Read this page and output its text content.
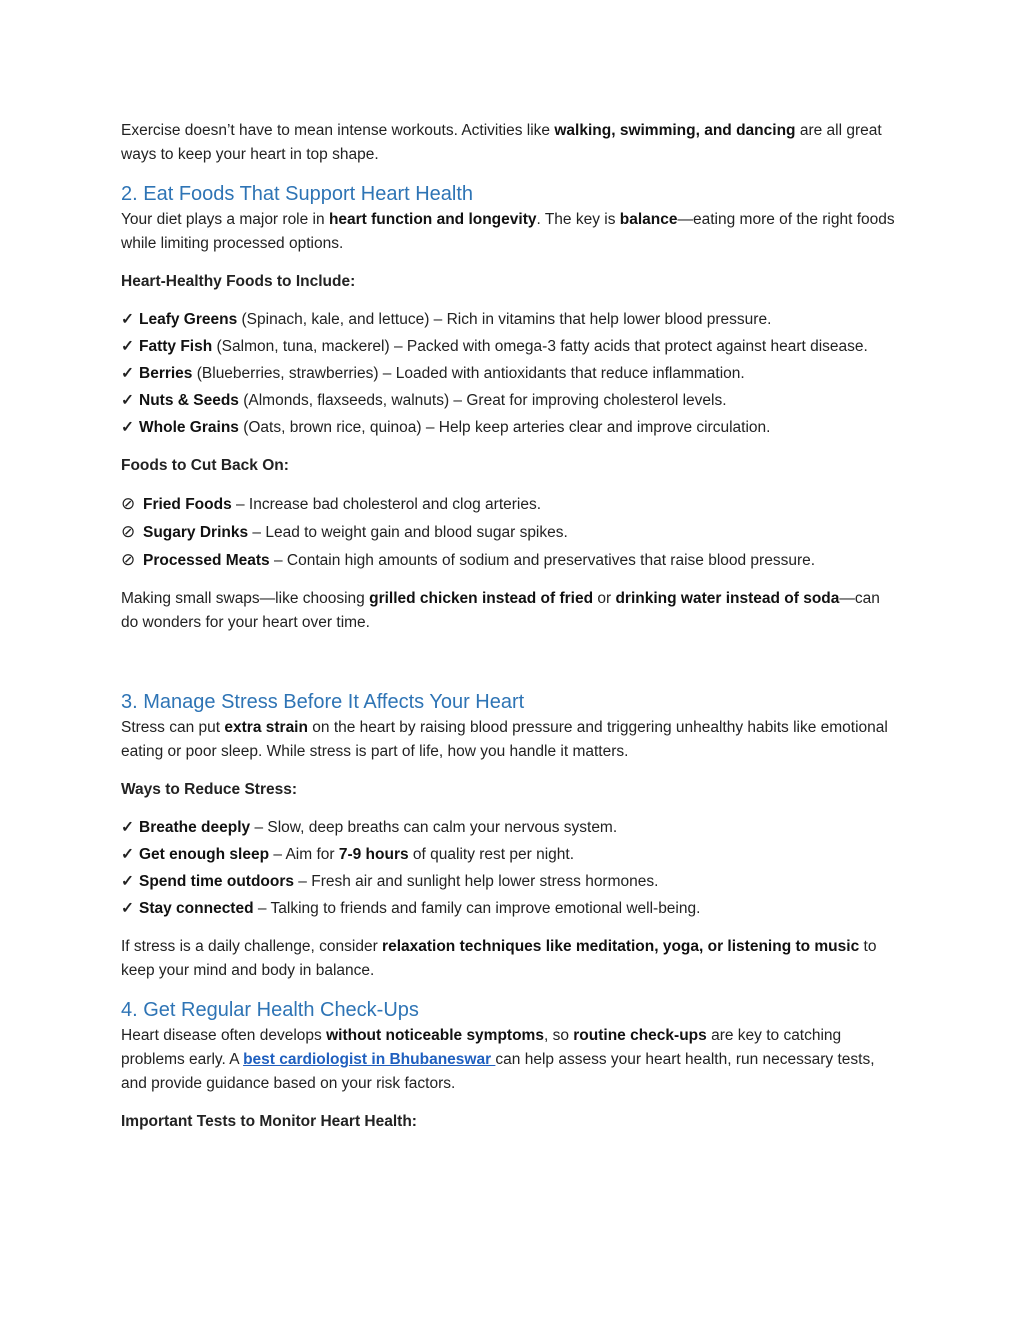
Exercise doesn’t have to mean intense workouts. Activities like walking, swimming, and dancing are all great ways to keep your heart in top shape.

2. Eat Foods That Support Heart Health

Your diet plays a major role in heart function and longevity. The key is balance—eating more of the right foods while limiting processed options.

Heart-Healthy Foods to Include:

✓ Leafy Greens (Spinach, kale, and lettuce) – Rich in vitamins that help lower blood pressure.
✓ Fatty Fish (Salmon, tuna, mackerel) – Packed with omega-3 fatty acids that protect against heart disease.
✓ Berries (Blueberries, strawberries) – Loaded with antioxidants that reduce inflammation.
✓ Nuts & Seeds (Almonds, flaxseeds, walnuts) – Great for improving cholesterol levels.
✓ Whole Grains (Oats, brown rice, quinoa) – Help keep arteries clear and improve circulation.

Foods to Cut Back On:

⊘ Fried Foods – Increase bad cholesterol and clog arteries.
⊘ Sugary Drinks – Lead to weight gain and blood sugar spikes.
⊘ Processed Meats – Contain high amounts of sodium and preservatives that raise blood pressure.

Making small swaps—like choosing grilled chicken instead of fried or drinking water instead of soda—can do wonders for your heart over time.

3. Manage Stress Before It Affects Your Heart

Stress can put extra strain on the heart by raising blood pressure and triggering unhealthy habits like emotional eating or poor sleep. While stress is part of life, how you handle it matters.

Ways to Reduce Stress:

✓ Breathe deeply – Slow, deep breaths can calm your nervous system.
✓ Get enough sleep – Aim for 7-9 hours of quality rest per night.
✓ Spend time outdoors – Fresh air and sunlight help lower stress hormones.
✓ Stay connected – Talking to friends and family can improve emotional well-being.

If stress is a daily challenge, consider relaxation techniques like meditation, yoga, or listening to music to keep your mind and body in balance.

4. Get Regular Health Check-Ups

Heart disease often develops without noticeable symptoms, so routine check-ups are key to catching problems early. A best cardiologist in Bhubaneswar can help assess your heart health, run necessary tests, and provide guidance based on your risk factors.

Important Tests to Monitor Heart Health:
